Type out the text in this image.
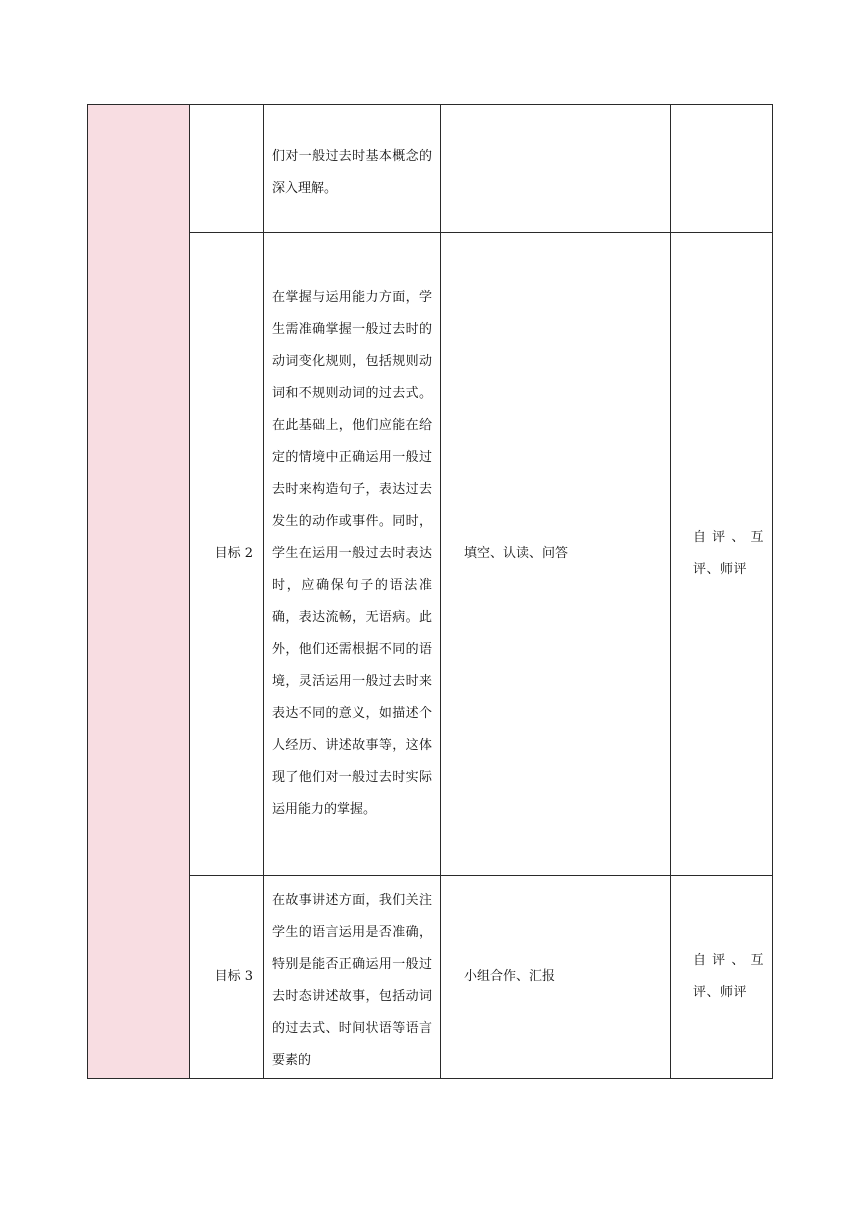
		们对一般过去时基本概念的深入理解。		
	目标 2	在掌握与运用能力方面，学生需准确掌握一般过去时的动词变化规则，包括规则动词和不规则动词的过去式。在此基础上，他们应能在给定的情境中正确运用一般过去时来构造句子，表达过去发生的动作或事件。同时，学生在运用一般过去时表达时，应确保句子的语法准确，表达流畅，无语病。此外，他们还需根据不同的语境，灵活运用一般过去时来表达不同的意义，如描述个人经历、讲述故事等，这体现了他们对一般过去时实际运用能力的掌握。	填空、认读、问答	自评、互评、师评

	目标 3	在故事讲述方面，我们关注学生的语言运用是否准确，特别是能否正确运用一般过去时态讲述故事，包括动词的过去式、时间状语等语言要素的	小组合作、汇报	自评、互评、师评
